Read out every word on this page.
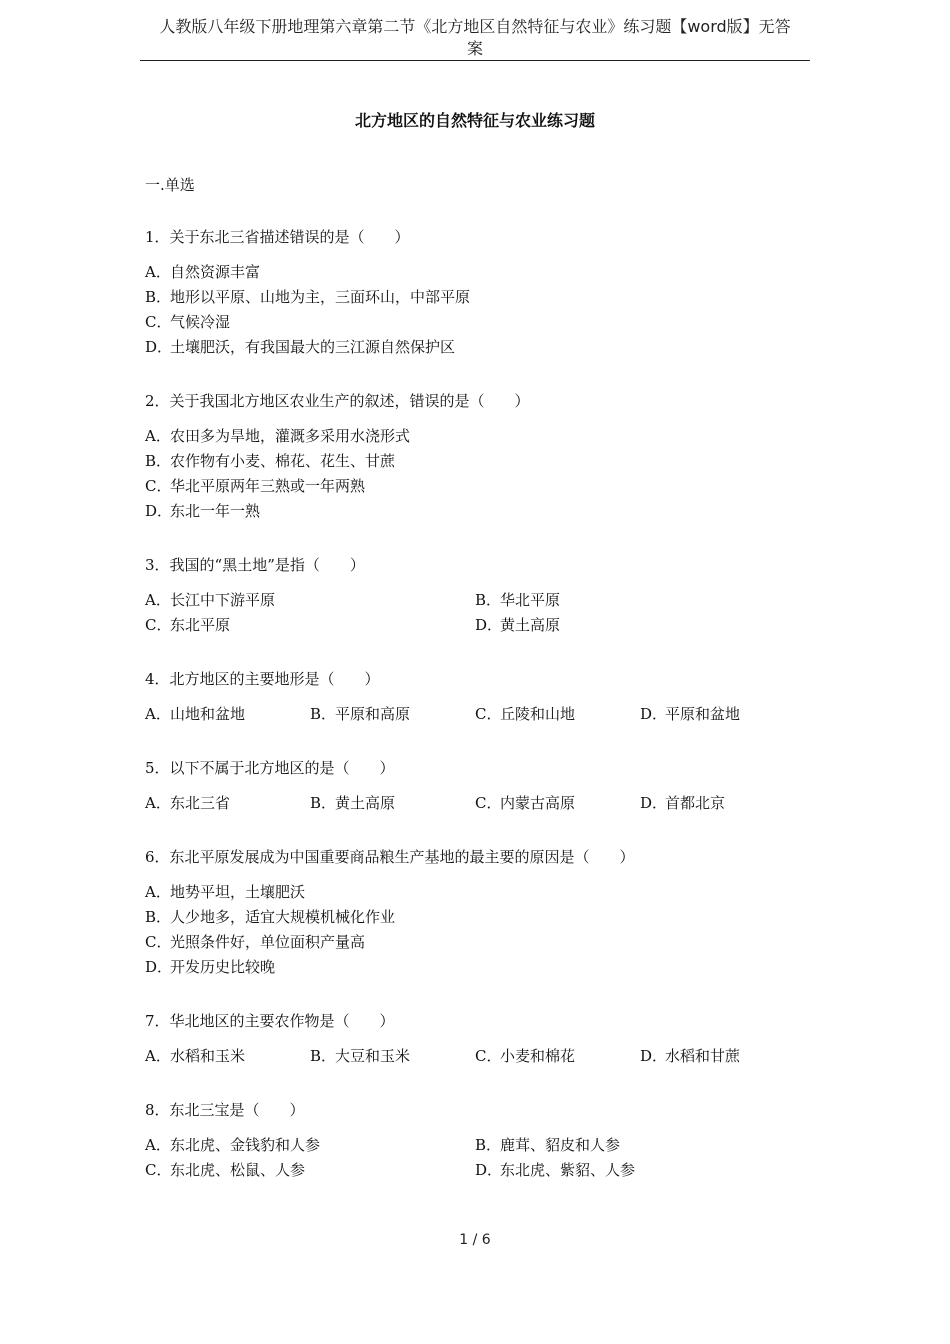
人教版八年级下册地理第六章第二节《北方地区自然特征与农业》练习题【word版】无答
案
北方地区的自然特征与农业练习题
一.单选
1．关于东北三省描述错误的是（　　）
A．自然资源丰富
B．地形以平原、山地为主，三面环山，中部平原
C．气候冷湿
D．土壤肥沃，有我国最大的三江源自然保护区
2．关于我国北方地区农业生产的叙述，错误的是（　　）
A．农田多为旱地，灌溉多采用水浇形式
B．农作物有小麦、棉花、花生、甘蔗
C．华北平原两年三熟或一年两熟
D．东北一年一熟
3．我国的“黑土地”是指（　　）
A．长江中下游平原	B．华北平原
C．东北平原	D．黄土高原
4．北方地区的主要地形是（　　）
A．山地和盆地	B．平原和高原	C．丘陵和山地	D．平原和盆地
5．以下不属于北方地区的是（　　）
A．东北三省	B．黄土高原	C．内蒙古高原	D．首都北京
6．东北平原发展成为中国重要商品粮生产基地的最主要的原因是（　　）
A．地势平坦，土壤肥沃
B．人少地多，适宜大规模机械化作业
C．光照条件好，单位面积产量高
D．开发历史比较晚
7．华北地区的主要农作物是（　　）
A．水稻和玉米	B．大豆和玉米	C．小麦和棉花	D．水稻和甘蔗
8．东北三宝是（　　）
A．东北虎、金钱豹和人参	B．鹿茸、貂皮和人参
C．东北虎、松鼠、人参	D．东北虎、紫貂、人参
1 / 6
